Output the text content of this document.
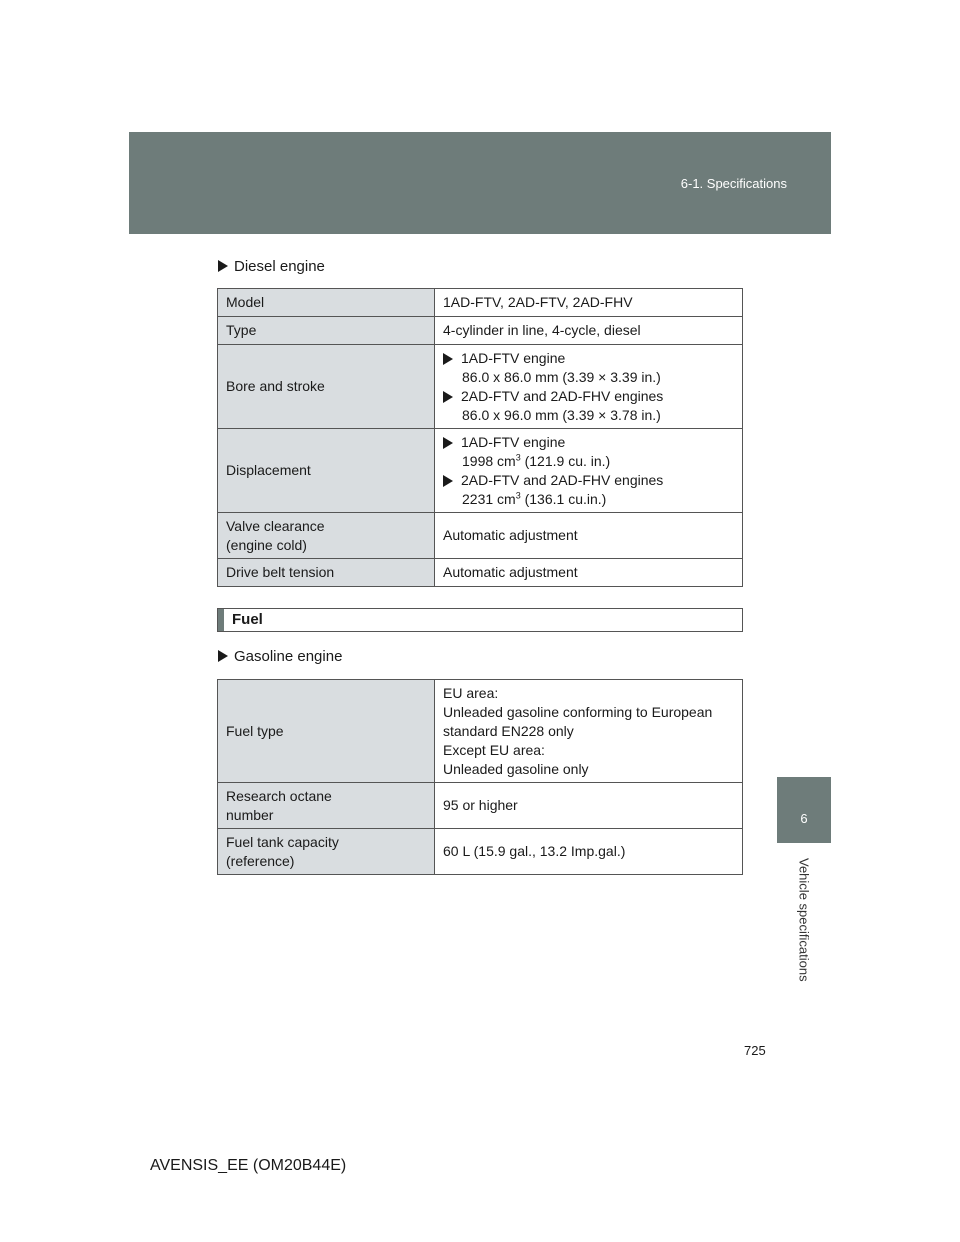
6-1. Specifications
6
Vehicle specifications
Diesel engine
Model	1AD-FTV, 2AD-FTV, 2AD-FHV
Type	4-cylinder in line, 4-cycle, diesel
Bore and stroke	1AD-FTV engine
86.0 x 86.0 mm (3.39 × 3.39 in.)
2AD-FTV and 2AD-FHV engines
86.0 x 96.0 mm (3.39 × 3.78 in.)

Displacement	1AD-FTV engine
1998 $cm^3$ (121.9 cu. in.)
2AD-FTV and 2AD-FHV engines
2231 $cm^3$ (136.1 cu.in.)

Valve clearance
(engine cold)	Automatic adjustment
Drive belt tension	Automatic adjustment
Fuel
Gasoline engine
Fuel type	EU area:
Unleaded gasoline conforming to European standard EN228 only
Except EU area:
Unleaded gasoline only

Research octane
number	95 or higher

Fuel tank capacity
(reference)	60 L (15.9 gal., 13.2 Imp.gal.)
725
AVENSIS_EE (OM20B44E)
